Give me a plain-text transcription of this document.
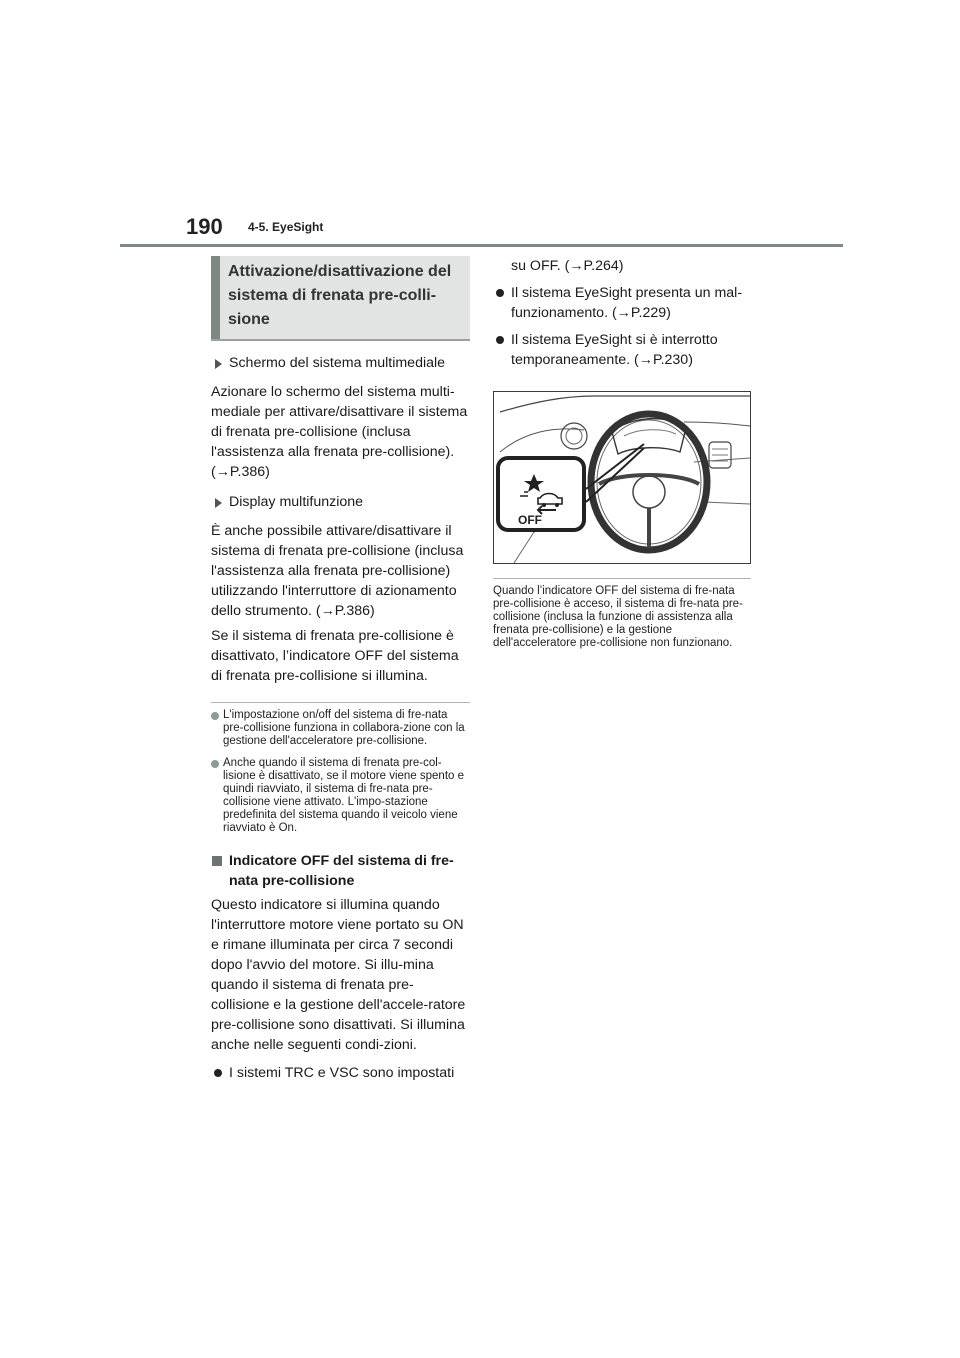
190 4-5. EyeSight
Attivazione/disattivazione del sistema di frenata pre-colli-sione

Schermo del sistema multimediale

Azionare lo schermo del sistema multi-mediale per attivare/disattivare il sistema di frenata pre-collisione (inclusa l'assistenza alla frenata pre-collisione). (→P.386)

Display multifunzione

È anche possibile attivare/disattivare il sistema di frenata pre-collisione (inclusa l'assistenza alla frenata pre-collisione) utilizzando l'interruttore di azionamento dello strumento. (→P.386)

Se il sistema di frenata pre-collisione è disattivato, l’indicatore OFF del sistema di frenata pre-collisione si illumina.

L'impostazione on/off del sistema di fre-nata pre-collisione funziona in collabora-zione con la gestione dell'acceleratore pre-collisione.

Anche quando il sistema di frenata pre-col-lisione è disattivato, se il motore viene spento e quindi riavviato, il sistema di fre-nata pre-collisione viene attivato. L'impo-stazione predefinita del sistema quando il veicolo viene riavviato è On.

Indicatore OFF del sistema di fre-nata pre-collisione

Questo indicatore si illumina quando l'interruttore motore viene portato su ON e rimane illuminata per circa 7 secondi dopo l'avvio del motore. Si illu-mina quando il sistema di frenata pre-collisione e la gestione dell'accele-ratore pre-collisione sono disattivati. Si illumina anche nelle seguenti condi-zioni.

I sistemi TRC e VSC sono impostati

su OFF. (→P.264)

Il sistema EyeSight presenta un mal-funzionamento. (→P.229)

Il sistema EyeSight si è interrotto temporaneamente. (→P.230)

OFF

Quando l’indicatore OFF del sistema di fre-nata pre-collisione è acceso, il sistema di fre-nata pre-collisione (inclusa la funzione di assistenza alla frenata pre-collisione) e la gestione dell'acceleratore pre-collisione non funzionano.
